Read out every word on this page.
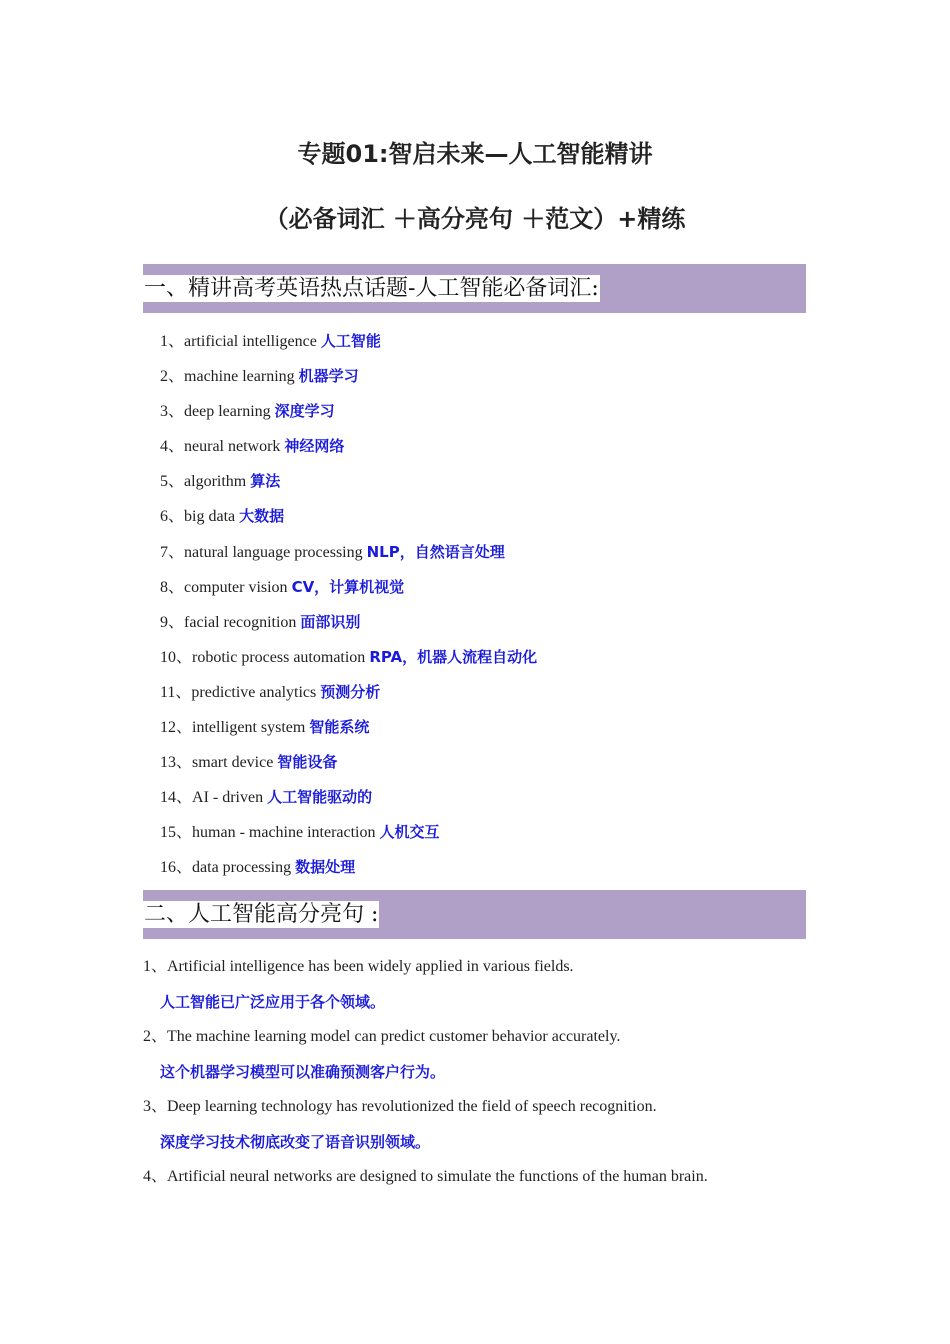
专题01:智启未来—人工智能精讲
（必备词汇 ＋高分亮句 ＋范文）+精练
一、精讲高考英语热点话题-人工智能必备词汇:
1、artificial intelligence 人工智能
2、machine learning 机器学习
3、deep learning 深度学习
4、neural network 神经网络
5、algorithm 算法
6、big data 大数据
7、natural language processing NLP，自然语言处理
8、computer vision CV，计算机视觉
9、facial recognition 面部识别
10、robotic process automation RPA，机器人流程自动化
11、predictive analytics 预测分析
12、intelligent system 智能系统
13、smart device 智能设备
14、AI - driven 人工智能驱动的
15、human - machine interaction 人机交互
16、data processing 数据处理
二、人工智能高分亮句 :
1、Artificial intelligence has been widely applied in various fields.
人工智能已广泛应用于各个领域。
2、The machine learning model can predict customer behavior accurately.
这个机器学习模型可以准确预测客户行为。
3、Deep learning technology has revolutionized the field of speech recognition.
深度学习技术彻底改变了语音识别领域。
4、Artificial neural networks are designed to simulate the functions of the human brain.
